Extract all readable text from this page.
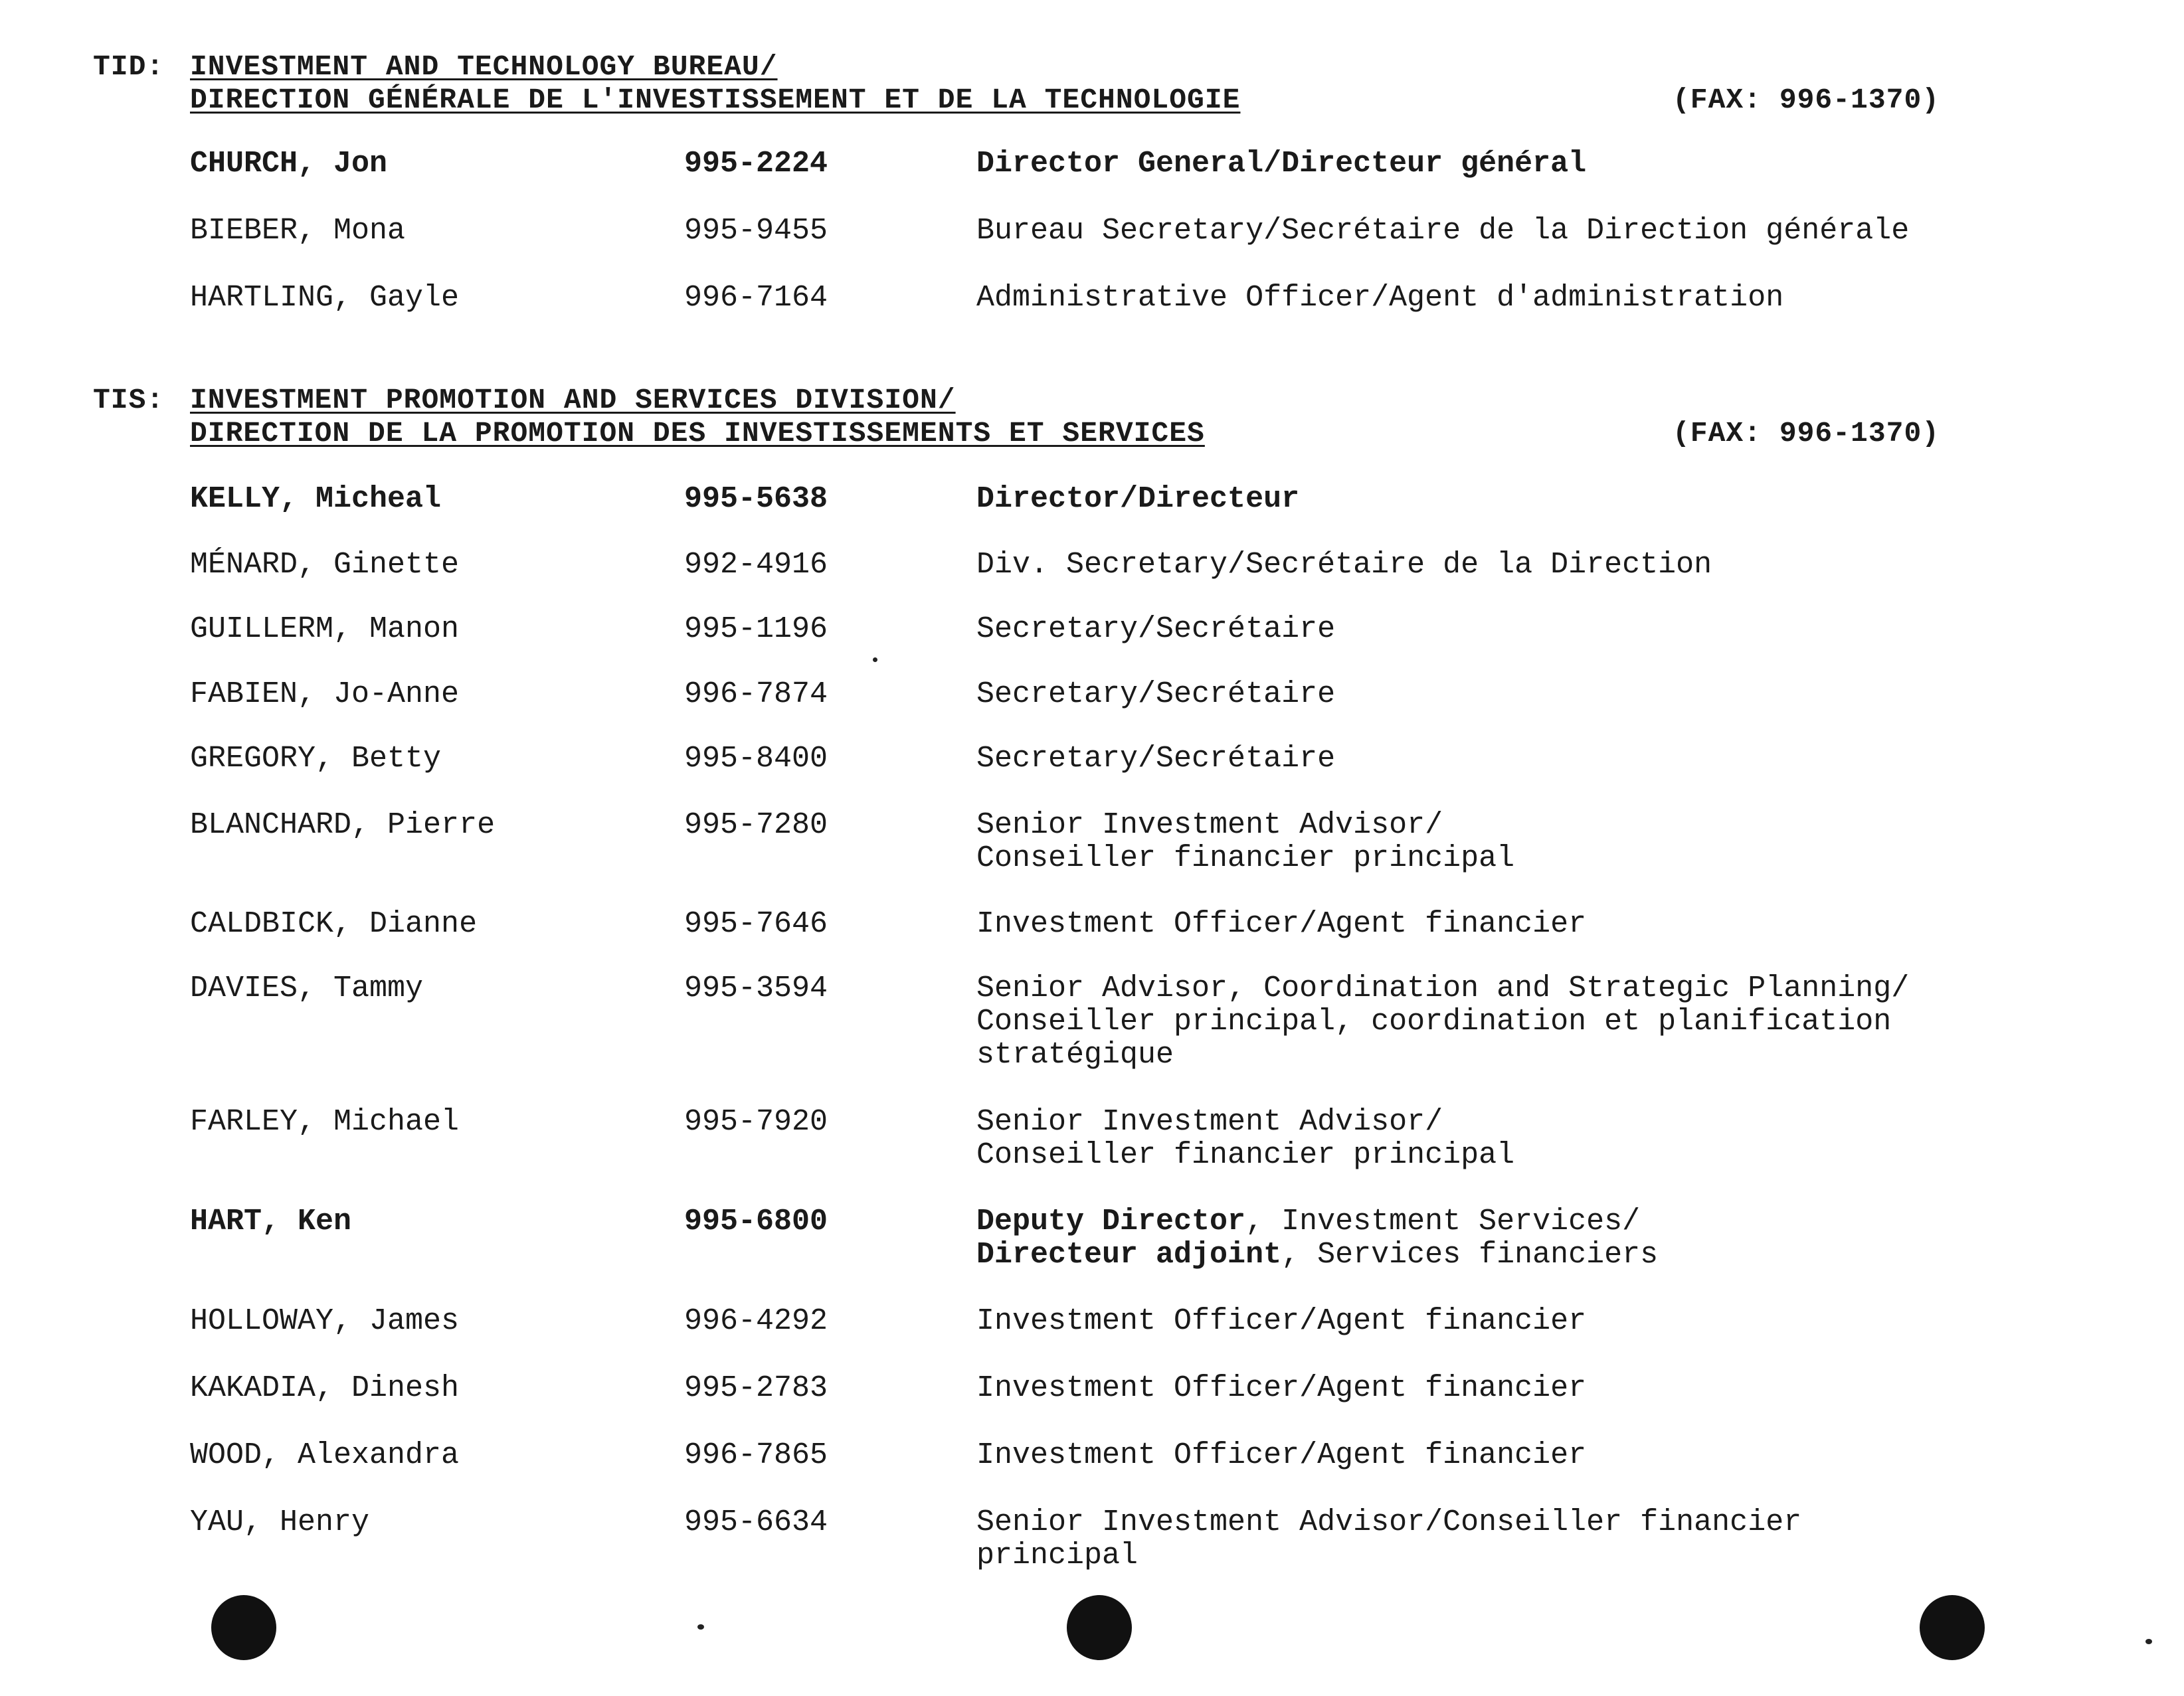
TID: INVESTMENT AND TECHNOLOGY BUREAU/
DIRECTION GÉNÉRALE DE L'INVESTISSEMENT ET DE LA TECHNOLOGIE	(FAX: 996-1370)
CHURCH, Jon	995-2224	Director General/Directeur général
BIEBER, Mona	995-9455	Bureau Secretary/Secrétaire de la Direction générale
HARTLING, Gayle	996-7164	Administrative Officer/Agent d'administration
TIS: INVESTMENT PROMOTION AND SERVICES DIVISION/
DIRECTION DE LA PROMOTION DES INVESTISSEMENTS ET SERVICES	(FAX: 996-1370)
KELLY, Micheal	995-5638	Director/Directeur
MÉNARD, Ginette	992-4916	Div. Secretary/Secrétaire de la Direction
GUILLERM, Manon	995-1196	Secretary/Secrétaire
FABIEN, Jo-Anne	996-7874	Secretary/Secrétaire
GREGORY, Betty	995-8400	Secretary/Secrétaire
BLANCHARD, Pierre	995-7280	Senior Investment Advisor/
Conseiller financier principal
CALDBICK, Dianne	995-7646	Investment Officer/Agent financier
DAVIES, Tammy	995-3594	Senior Advisor, Coordination and Strategic Planning/
Conseiller principal, coordination et planification
stratégique
FARLEY, Michael	995-7920	Senior Investment Advisor/
Conseiller financier principal
HART, Ken	995-6800	Deputy Director, Investment Services/
Directeur adjoint, Services financiers
HOLLOWAY, James	996-4292	Investment Officer/Agent financier
KAKADIA, Dinesh	995-2783	Investment Officer/Agent financier
WOOD, Alexandra	996-7865	Investment Officer/Agent financier
YAU, Henry	995-6634	Senior Investment Advisor/Conseiller financier
principal
